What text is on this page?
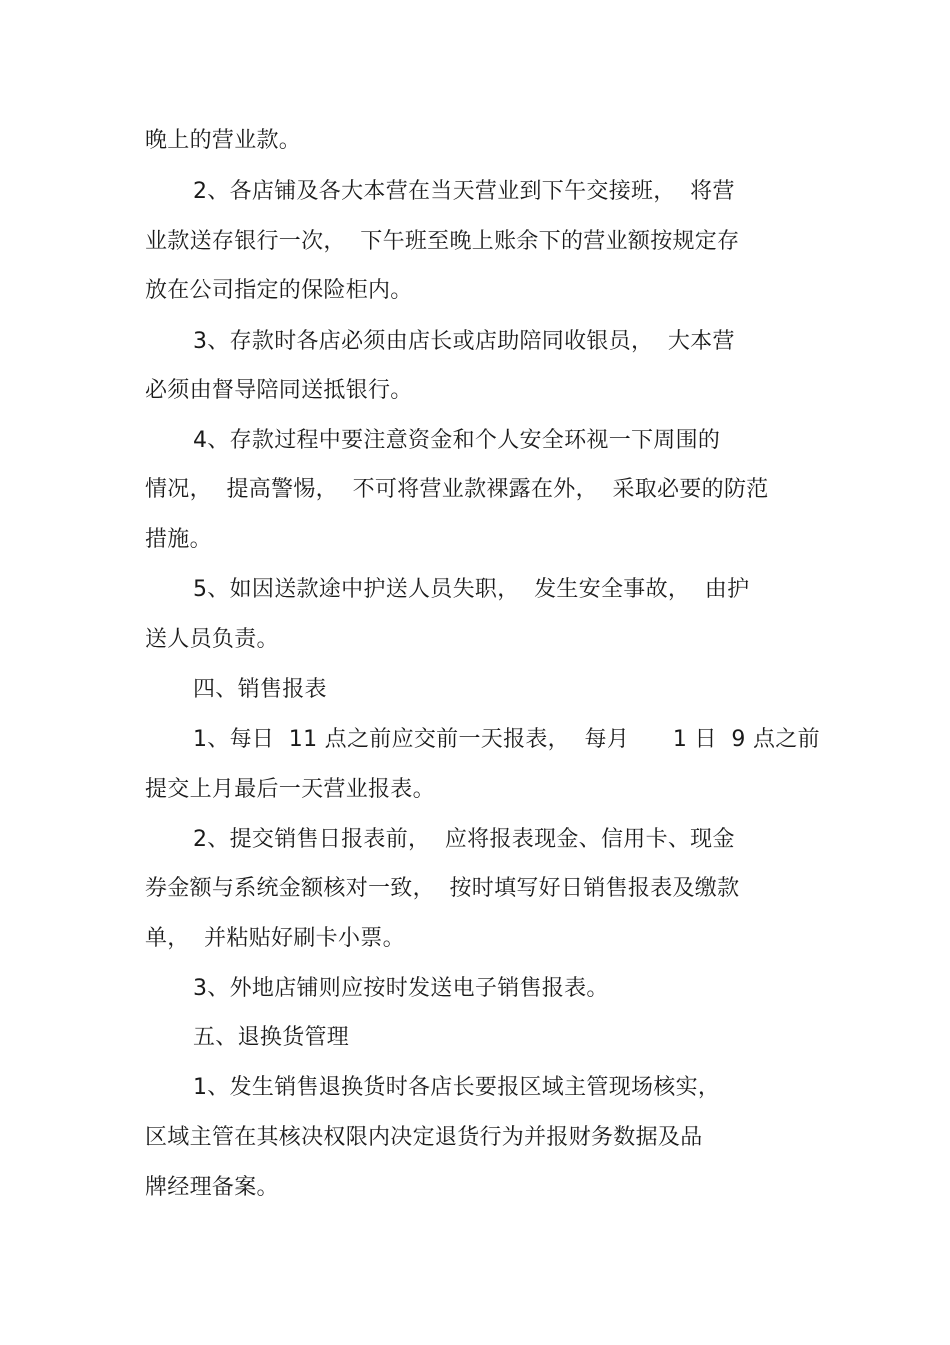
晚上的营业款。
2、各店铺及各大本营在当天营业到下午交接班，  将营
业款送存银行一次，  下午班至晚上账余下的营业额按规定存
放在公司指定的保险柜内。
3、存款时各店必须由店长或店助陪同收银员，  大本营
必须由督导陪同送抵银行。
4、存款过程中要注意资金和个人安全环视一下周围的
情况，  提高警惕，  不可将营业款裸露在外，  采取必要的防范
措施。
5、如因送款途中护送人员失职，  发生安全事故，  由护
送人员负责。
四、销售报表
1、每日  11 点之前应交前一天报表，  每月      1 日  9 点之前
提交上月最后一天营业报表。
2、提交销售日报表前，  应将报表现金、信用卡、现金
券金额与系统金额核对一致，  按时填写好日销售报表及缴款
单，  并粘贴好刷卡小票。
3、外地店铺则应按时发送电子销售报表。
五、退换货管理
1、发生销售退换货时各店长要报区域主管现场核实，
区域主管在其核决权限内决定退货行为并报财务数据及品
牌经理备案。
